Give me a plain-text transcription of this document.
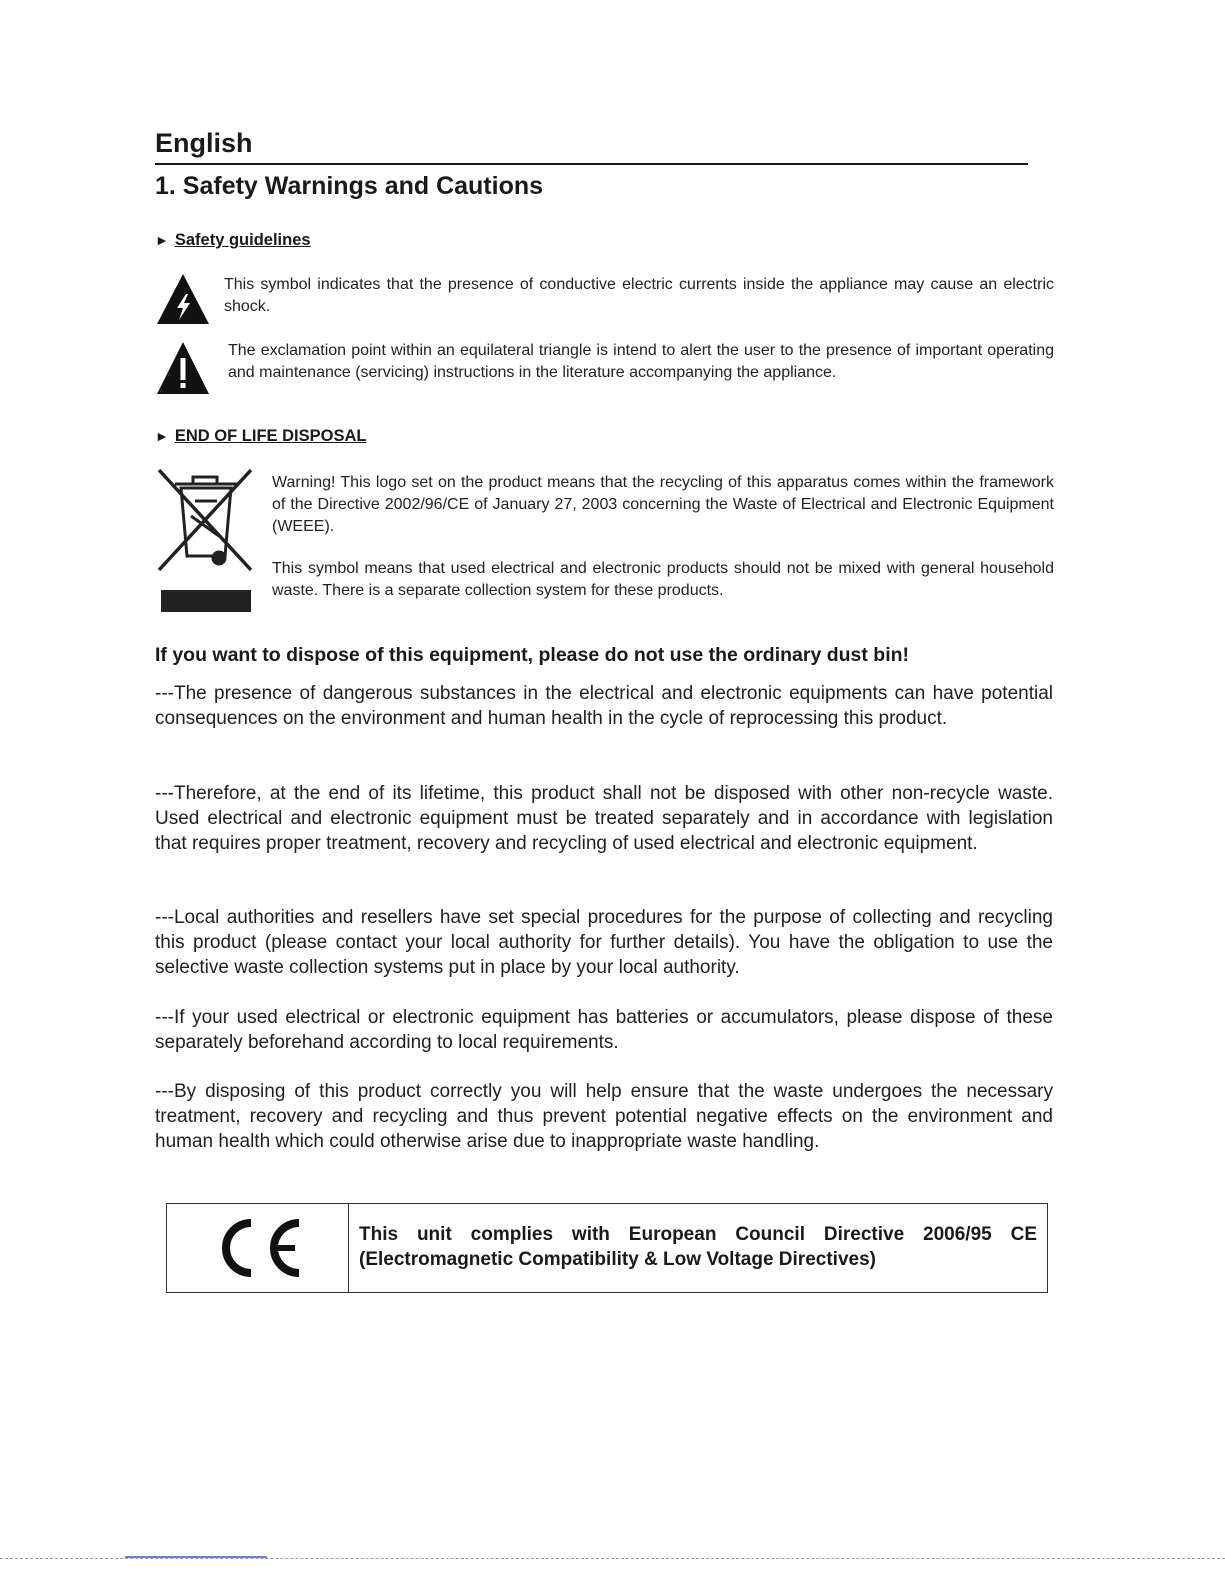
English
1. Safety Warnings and Cautions
► Safety guidelines
This symbol indicates that the presence of conductive electric currents inside the appliance may cause an electric shock.
The exclamation point within an equilateral triangle is intend to alert the user to the presence of important operating and maintenance (servicing) instructions in the literature accompanying the appliance.
► END OF LIFE DISPOSAL
Warning! This logo set on the product means that the recycling of this apparatus comes within the framework of the Directive 2002/96/CE of January 27, 2003 concerning the Waste of Electrical and Electronic Equipment (WEEE).
This symbol means that used electrical and electronic products should not be mixed with general household waste. There is a separate collection system for these products.
If you want to dispose of this equipment, please do not use the ordinary dust bin!
---The presence of dangerous substances in the electrical and electronic equipments can have potential consequences on the environment and human health in the cycle of reprocessing this product.
---Therefore, at the end of its lifetime, this product shall not be disposed with other non-recycle waste. Used electrical and electronic equipment must be treated separately and in accordance with legislation that requires proper treatment, recovery and recycling of used electrical and electronic equipment.
---Local authorities and resellers have set special procedures for the purpose of collecting and recycling this product (please contact your local authority for further details). You have the obligation to use the selective waste collection systems put in place by your local authority.
---If your used electrical or electronic equipment has batteries or accumulators, please dispose of these separately beforehand according to local requirements.
---By disposing of this product correctly you will help ensure that the waste undergoes the necessary treatment, recovery and recycling and thus prevent potential negative effects on the environment and human health which could otherwise arise due to inappropriate waste handling.
This unit complies with European Council Directive 2006/95 CE (Electromagnetic Compatibility & Low Voltage Directives)
